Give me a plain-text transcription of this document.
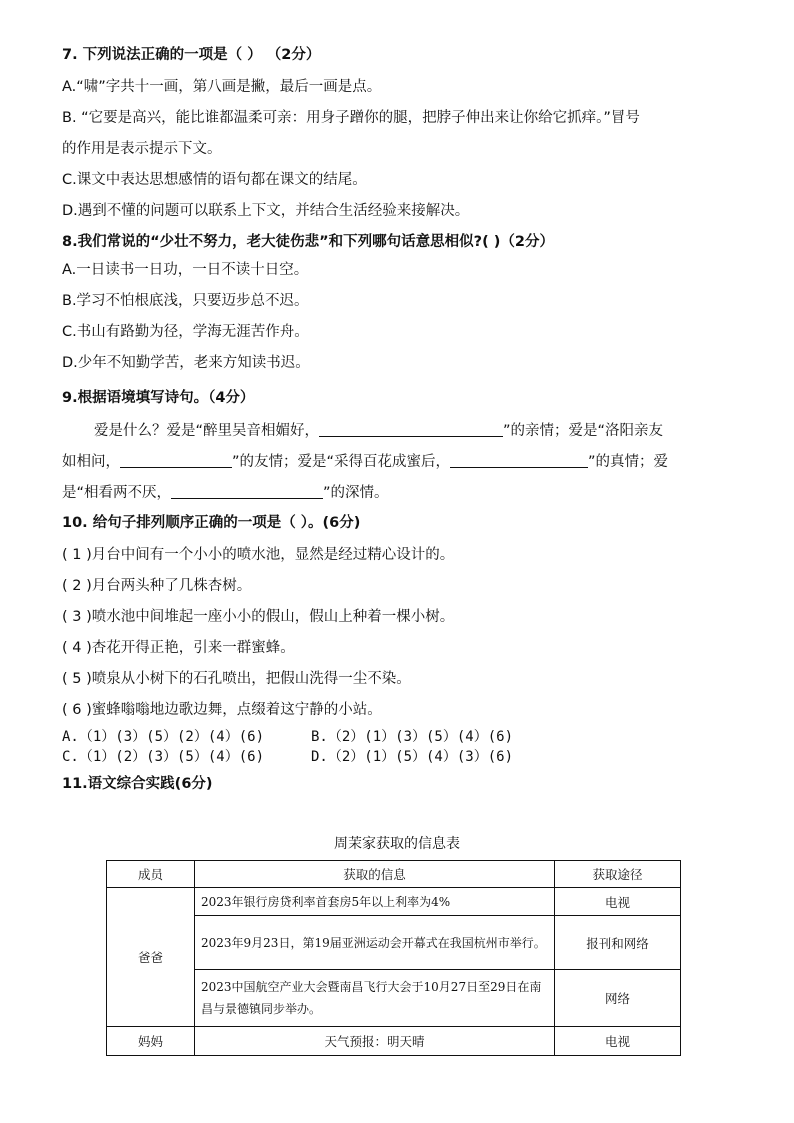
7. 下列说法正确的一项是（ ） （2分）
A.“啸”字共十一画，第八画是撇，最后一画是点。
B. “它要是高兴，能比谁都温柔可亲：用身子蹭你的腿，把脖子伸出来让你给它抓痒。”冒号
的作用是表示提示下文。
C.课文中表达思想感情的语句都在课文的结尾。
D.遇到不懂的问题可以联系上下文，并结合生活经验来接解决。
8.我们常说的“少壮不努力，老大徒伤悲”和下列哪句话意思相似?( )（2分）
A.一日读书一日功，一日不读十日空。
B.学习不怕根底浅，只要迈步总不迟。
C.书山有路勤为径，学海无涯苦作舟。
D.少年不知勤学苦，老来方知读书迟。
9.根据语境填写诗句。（4分）
爱是什么？爱是“醉里吴音相媚好，	”的亲情；爱是“洛阳亲友
如相问，	”的友情；爱是“采得百花成蜜后，	”的真情；爱
是“相看两不厌，	”的深情。
10. 给句子排列顺序正确的一项是（ ）。(6分)
( 1 )月台中间有一个小小的喷水池，显然是经过精心设计的。
( 2 )月台两头种了几株杏树。
( 3 )喷水池中间堆起一座小小的假山，假山上种着一棵小树。
( 4 )杏花开得正艳，引来一群蜜蜂。
( 5 )喷泉从小树下的石孔喷出，把假山洗得一尘不染。
( 6 )蜜蜂嗡嗡地边歌边舞，点缀着这宁静的小站。
A.（1）(3）(5）(2）(4）(6)	B.（2）(1）(3）(5）(4）(6)
C.（1）(2）(3）(5）(4）(6)	D.（2）(1）(5）(4）(3）(6)
11.语文综合实践(6分)
周茉家获取的信息表
成员	获取的信息	获取途径
爸爸	2023年银行房贷利率首套房5年以上利率为4%	电视
	2023年9月23日，第19届亚洲运动会开幕式在我国杭州市举行。	报刊和网络
	2023中国航空产业大会暨南昌飞行大会于10月27日至29日在南昌与景德镇同步举办。	网络
妈妈	天气预报：明天晴	电视
